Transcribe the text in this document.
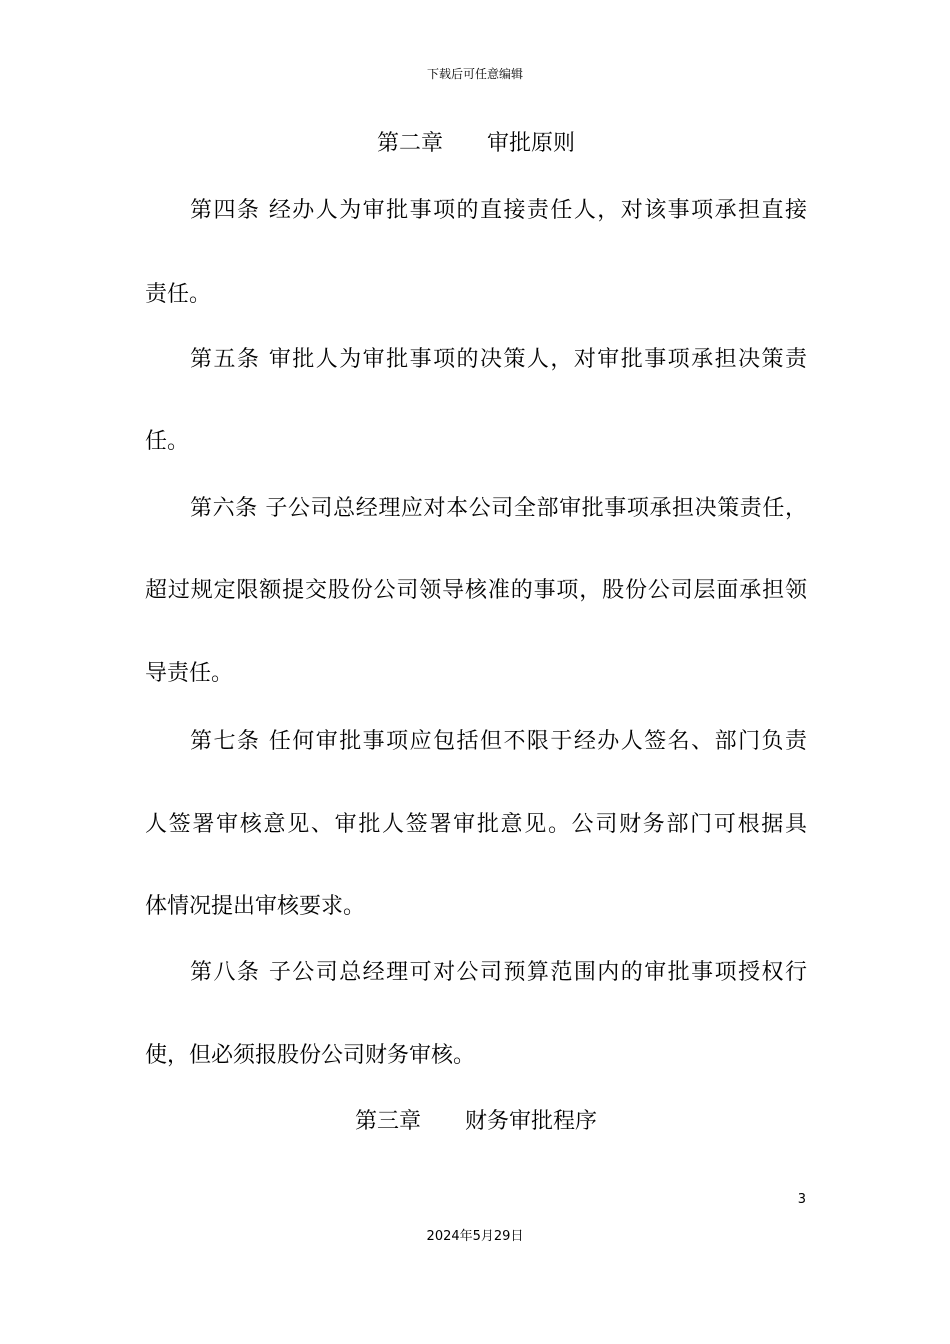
下载后可任意编辑
第二章　　审批原则
第四条 经办人为审批事项的直接责任人，对该事项承担直接
责任。
第五条 审批人为审批事项的决策人，对审批事项承担决策责
任。
第六条 子公司总经理应对本公司全部审批事项承担决策责任，
超过规定限额提交股份公司领导核准的事项，股份公司层面承担领
导责任。
第七条 任何审批事项应包括但不限于经办人签名、部门负责
人签署审核意见、审批人签署审批意见。公司财务部门可根据具
体情况提出审核要求。
第八条 子公司总经理可对公司预算范围内的审批事项授权行
使，但必须报股份公司财务审核。
第三章　　财务审批程序
3
2024年5月29日
